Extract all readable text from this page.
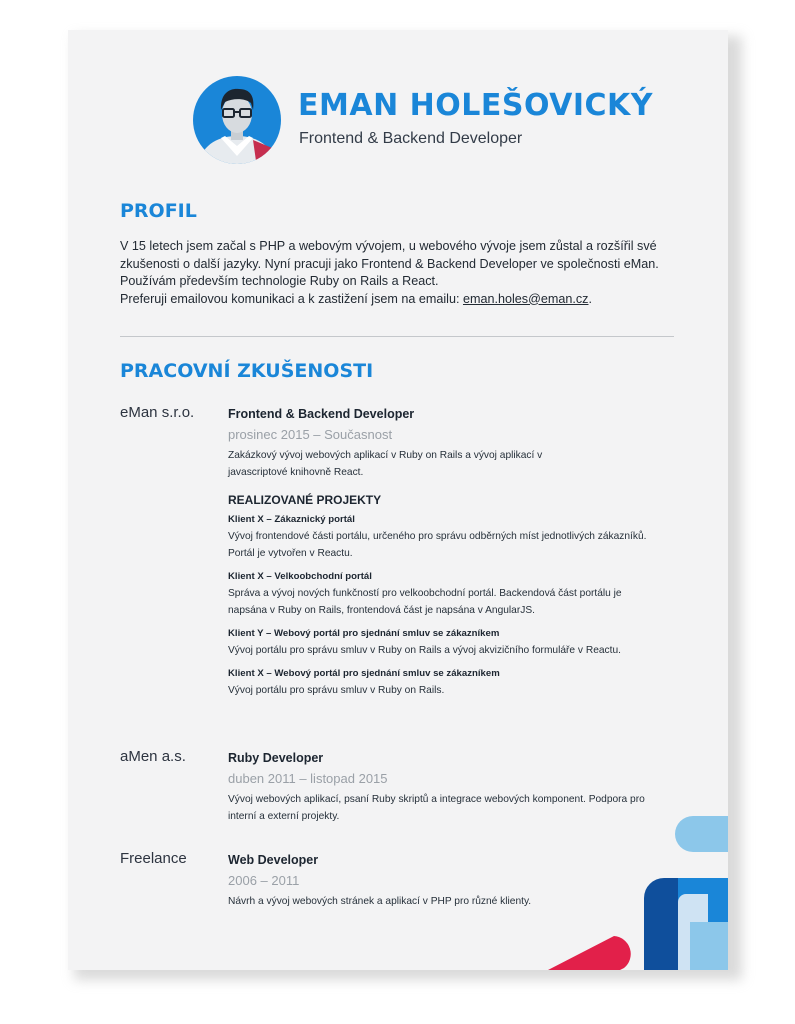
EMAN HOLEŠOVICKÝ

Frontend & Backend Developer

PROFIL

V 15 letech jsem začal s PHP a webovým vývojem, u webového vývoje jsem zůstal a rozšířil své zkušenosti o další jazyky. Nyní pracuji jako Frontend & Backend Developer ve společnosti eMan. Používám především technologie Ruby on Rails a React.

Preferuji emailovou komunikaci a k zastižení jsem na emailu: eman.holes@eman.cz.

PRACOVNÍ ZKUŠENOSTI

eMan s.r.o.	Frontend & Backend Developer

prosinec 2015 – Současnost

Zakázkový vývoj webových aplikací v Ruby on Rails a vývoj aplikací v javascriptové knihovně React.

REALIZOVANÉ PROJEKTY

Klient X – Zákaznický portál

Vývoj frontendové části portálu, určeného pro správu odběrných míst jednotlivých zákazníků. Portál je vytvořen v Reactu.

Klient X – Velkoobchodní portál

Správa a vývoj nových funkčností pro velkoobchodní portál. Backendová část portálu je napsána v Ruby on Rails, frontendová část je napsána v AngularJS.

Klient Y – Webový portál pro sjednání smluv se zákazníkem

Vývoj portálu pro správu smluv v Ruby on Rails a vývoj akvizičního formuláře v Reactu.

Klient X – Webový portál pro sjednání smluv se zákazníkem

Vývoj portálu pro správu smluv v Ruby on Rails.

aMen a.s.	Ruby Developer

duben 2011 – listopad 2015

Vývoj webových aplikací, psaní Ruby skriptů a integrace webových komponent. Podpora pro interní a externí projekty.

Freelance	Web Developer

2006 – 2011

Návrh a vývoj webových stránek a aplikací v PHP pro různé klienty.
